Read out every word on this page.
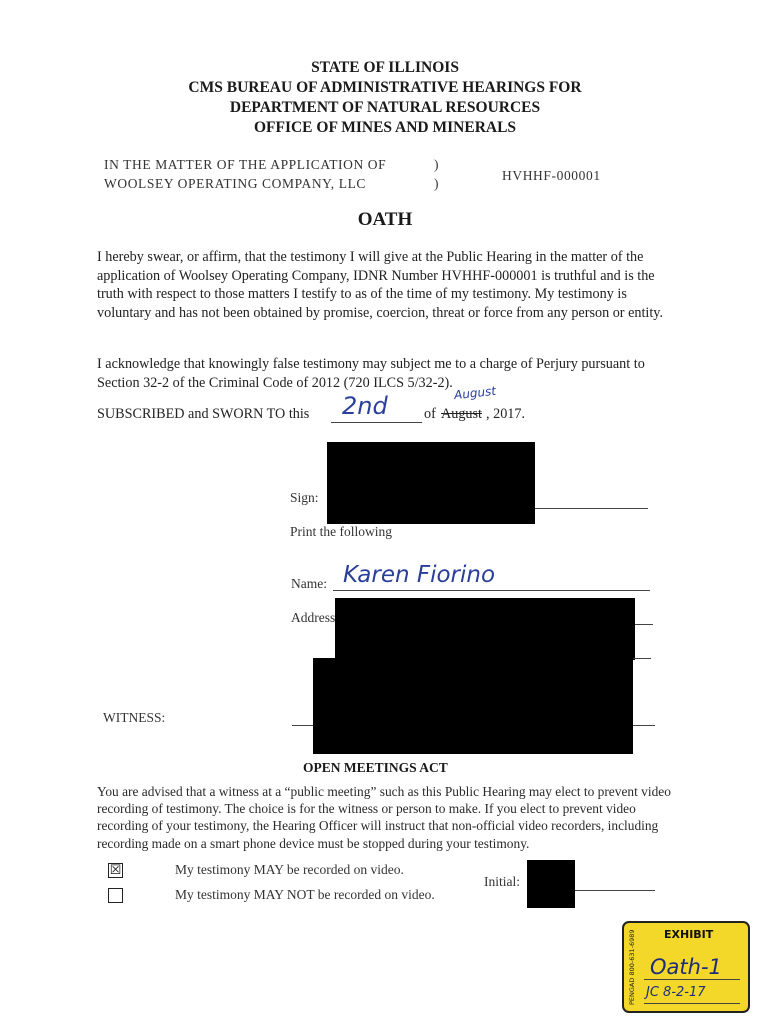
STATE OF ILLINOIS
CMS BUREAU OF ADMINISTRATIVE HEARINGS FOR
DEPARTMENT OF NATURAL RESOURCES
OFFICE OF MINES AND MINERALS
IN THE MATTER OF THE APPLICATION OF
WOOLSEY OPERATING COMPANY, LLC
)
)
HVHHF-000001
OATH
I hereby swear, or affirm, that the testimony I will give at the Public Hearing in the matter of the application of Woolsey Operating Company, IDNR Number HVHHF-000001 is truthful and is the truth with respect to those matters I testify to as of the time of my testimony. My testimony is voluntary and has not been obtained by promise, coercion, threat or force from any person or entity.
I acknowledge that knowingly false testimony may subject me to a charge of Perjury pursuant to Section 32-2 of the Criminal Code of 2012 (720 ILCS 5/32-2).
SUBSCRIBED and SWORN TO this 2nd	of August
August
, 2017.
Sign:
Print the following
Name: Karen Fiorino
Address
WITNESS:
OPEN MEETINGS ACT
You are advised that a witness at a “public meeting” such as this Public Hearing may elect to prevent video recording of testimony. The choice is for the witness or person to make. If you elect to prevent video recording of your testimony, the Hearing Officer will instruct that non-official video recorders, including recording made on a smart phone device must be stopped during your testimony.
☒	My testimony MAY be recorded on video.
My testimony MAY NOT be recorded on video.
Initial:
PENGAD 800-631-6989	EXHIBIT
Oath-1
JC 8-2-17
